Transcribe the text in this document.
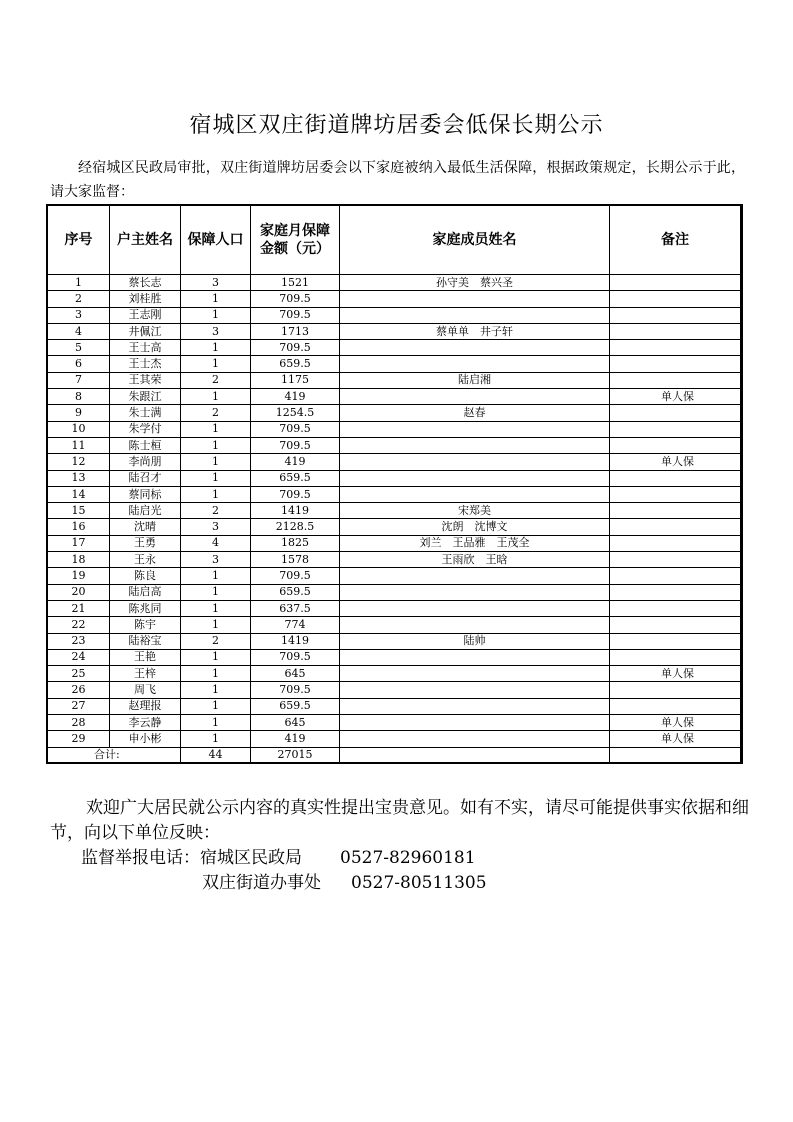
宿城区双庄街道牌坊居委会低保长期公示
经宿城区民政局审批，双庄街道牌坊居委会以下家庭被纳入最低生活保障，根据政策规定，长期公示于此，请大家监督：
序号	户主姓名	保障人口	家庭月保障
金额（元）	家庭成员姓名	备注
1	蔡长志	3	1521	孙守美　蔡兴圣	
2	刘桂胜	1	709.5		
3	王志刚	1	709.5		
4	井佩江	3	1713	蔡单单　井子轩	
5	王士高	1	709.5		
6	王士杰	1	659.5		
7	王其荣	2	1175	陆启湘	
8	朱跟江	1	419		单人保
9	朱士满	2	1254.5	赵春	
10	朱学付	1	709.5		
11	陈士桓	1	709.5		
12	李尚朋	1	419		单人保
13	陆召才	1	659.5		
14	蔡同标	1	709.5		
15	陆启光	2	1419	宋郑美	
16	沈晴	3	2128.5	沈朗　沈博文	
17	王勇	4	1825	刘兰　王品雅　王茂全	
18	王永	3	1578	王雨欣　王晗	
19	陈良	1	709.5		
20	陆启高	1	659.5		
21	陈兆同	1	637.5		
22	陈宇	1	774		
23	陆裕宝	2	1419	陆帅	
24	王艳	1	709.5		
25	王梓	1	645		单人保
26	周飞	1	709.5		
27	赵理报	1	659.5		
28	李云静	1	645		单人保
29	申小彬	1	419		单人保
合计:		44	27015		

欢迎广大居民就公示内容的真实性提出宝贵意见。如有不实，请尽可能提供事实依据和细节，向以下单位反映：

监督举报电话：宿城区民政局 0527-82960181
双庄街道办事处 0527-80511305
